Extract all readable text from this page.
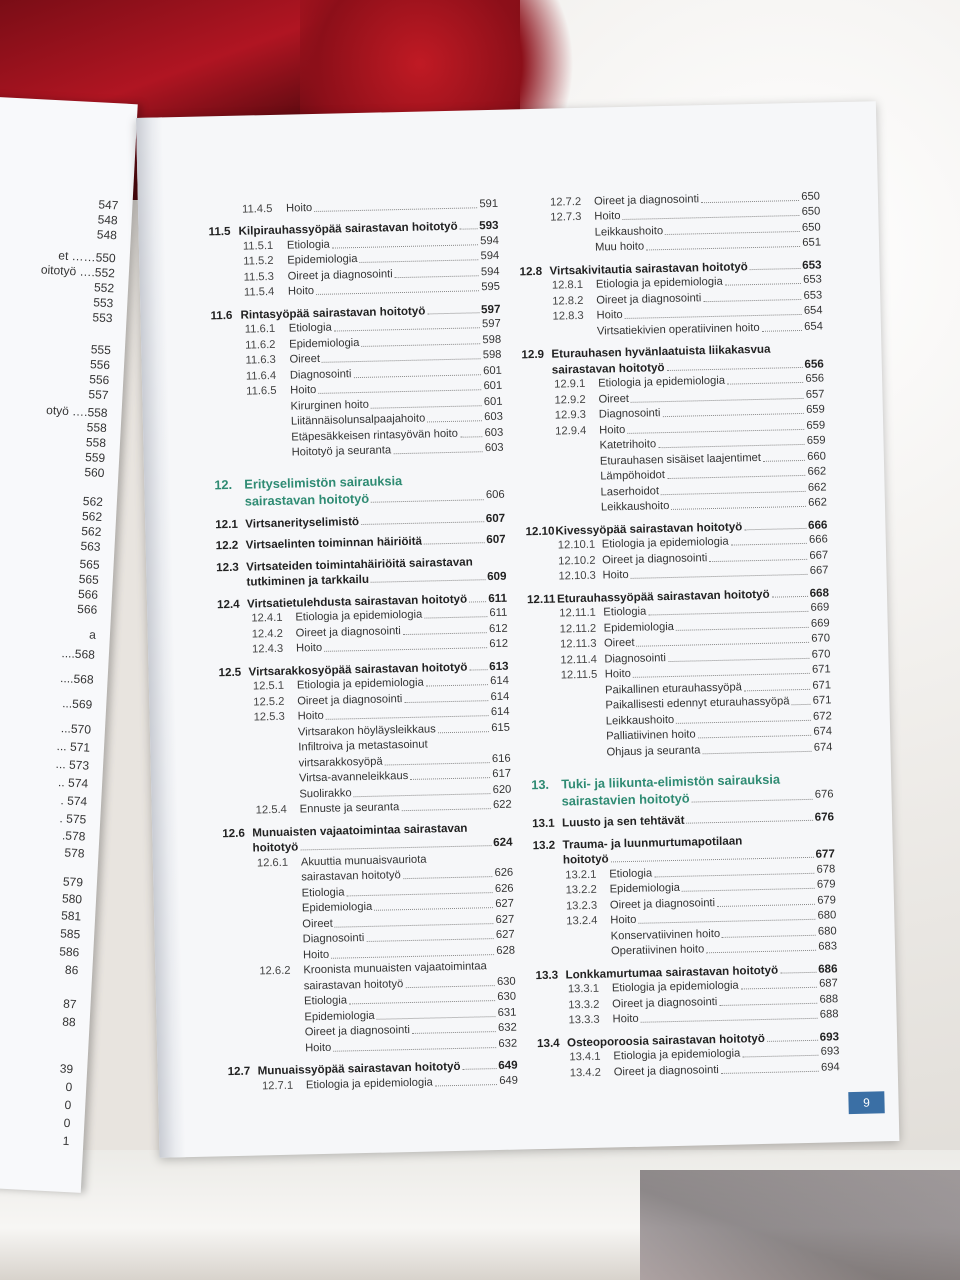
547
548
548
et ……550
oitotyö ….552
552
553
553
555
556
556
557
otyö ….558
558
558
559
560
562
562
562
563
565
565
566
566
a
....568
....568
...569
...570
... 571
... 573
.. 574
. 574
. 575
.578
578
579
580
581
585
586
86
87
88
39
0
0
0
1
11.4.5	Hoito	591
11.5 Kilpirauhassyöpää sairastavan hoitotyö 593
11.5.1	Etiologia	594
11.5.2	Epidemiologia	594
11.5.3	Oireet ja diagnosointi	594
11.5.4	Hoito	595
11.6 Rintasyöpää sairastavan hoitotyö	597
11.6.1	Etiologia	597
11.6.2	Epidemiologia	598
11.6.3	Oireet	598
11.6.4	Diagnosointi	601
11.6.5	Hoito	601
Kirurginen hoito	601
Liitännäisolunsalpaajahoito	603
Etäpesäkkeisen rintasyövän hoito 603
Hoitotyö ja seuranta	603
12. Erityselimistön sairauksia
sairastavan hoitotyö	606
12.1 Virtsanerityselimistö	607
12.2 Virtsaelinten toiminnan häiriöitä	607
12.3 Virtsateiden toimintahäiriöitä sairastavan
tutkiminen ja tarkkailu	609
12.4 Virtsatietulehdusta sairastavan hoitotyö 611
12.4.1	Etiologia ja epidemiologia	611
12.4.2	Oireet ja diagnosointi	612
12.4.3	Hoito	612
12.5 Virtsarakkosyöpää sairastavan hoitotyö 613
12.5.1	Etiologia ja epidemiologia	614
12.5.2	Oireet ja diagnosointi	614
12.5.3	Hoito	614
Virtsarakon höyläysleikkaus	615
Infiltroiva ja metastasoinut
virtsarakkosyöpä	616
Virtsa-avanneleikkaus	617
Suolirakko	620
12.5.4	Ennuste ja seuranta	622
12.6 Munuaisten vajaatoimintaa sairastavan
hoitotyö	624
12.6.1	Akuuttia munuaisvauriota
sairastavan hoitotyö	626
Etiologia	626
Epidemiologia	627
Oireet	627
Diagnosointi	627
Hoito	628
12.6.2	Kroonista munuaisten vajaatoimintaa
sairastavan hoitotyö	630
Etiologia	630
Epidemiologia	631
Oireet ja diagnosointi	632
Hoito	632
12.7 Munuaissyöpää sairastavan hoitotyö	649
12.7.1	Etiologia ja epidemiologia	649
12.7.2	Oireet ja diagnosointi	650
12.7.3	Hoito	650
Leikkaushoito	650
Muu hoito	651
12.8 Virtsakivitautia sairastavan hoitotyö	653
12.8.1	Etiologia ja epidemiologia	653
12.8.2	Oireet ja diagnosointi	653
12.8.3	Hoito	654
Virtsatiekivien operatiivinen hoito	654
12.9 Eturauhasen hyvänlaatuista liikakasvua
sairastavan hoitotyö	656
12.9.1	Etiologia ja epidemiologia	656
12.9.2	Oireet	657
12.9.3	Diagnosointi	659
12.9.4	Hoito	659
Katetrihoito	659
Eturauhasen sisäiset laajentimet	660
Lämpöhoidot	662
Laserhoidot	662
Leikkaushoito	662
12.10 Kivessyöpää sairastavan hoitotyö	666
12.10.1 Etiologia ja epidemiologia	666
12.10.2 Oireet ja diagnosointi	667
12.10.3 Hoito	667
12.11 Eturauhassyöpää sairastavan hoitotyö	668
12.11.1 Etiologia	669
12.11.2 Epidemiologia	669
12.11.3 Oireet	670
12.11.4 Diagnosointi	670
12.11.5 Hoito	671
Paikallinen eturauhassyöpä	671
Paikallisesti edennyt eturauhassyöpä 671
Leikkaushoito	672
Palliatiivinen hoito	674
Ohjaus ja seuranta	674
13. Tuki- ja liikunta-elimistön sairauksia
sairastavien hoitotyö	676
13.1 Luusto ja sen tehtävät	676
13.2 Trauma- ja luunmurtumapotilaan
hoitotyö	677
13.2.1	Etiologia	678
13.2.2	Epidemiologia	679
13.2.3	Oireet ja diagnosointi	679
13.2.4	Hoito	680
Konservatiivinen hoito	680
Operatiivinen hoito	683
13.3 Lonkkamurtumaa sairastavan hoitotyö	686
13.3.1	Etiologia ja epidemiologia	687
13.3.2	Oireet ja diagnosointi	688
13.3.3	Hoito	688
13.4 Osteoporoosia sairastavan hoitotyö	693
13.4.1	Etiologia ja epidemiologia	693
13.4.2	Oireet ja diagnosointi	694
9
